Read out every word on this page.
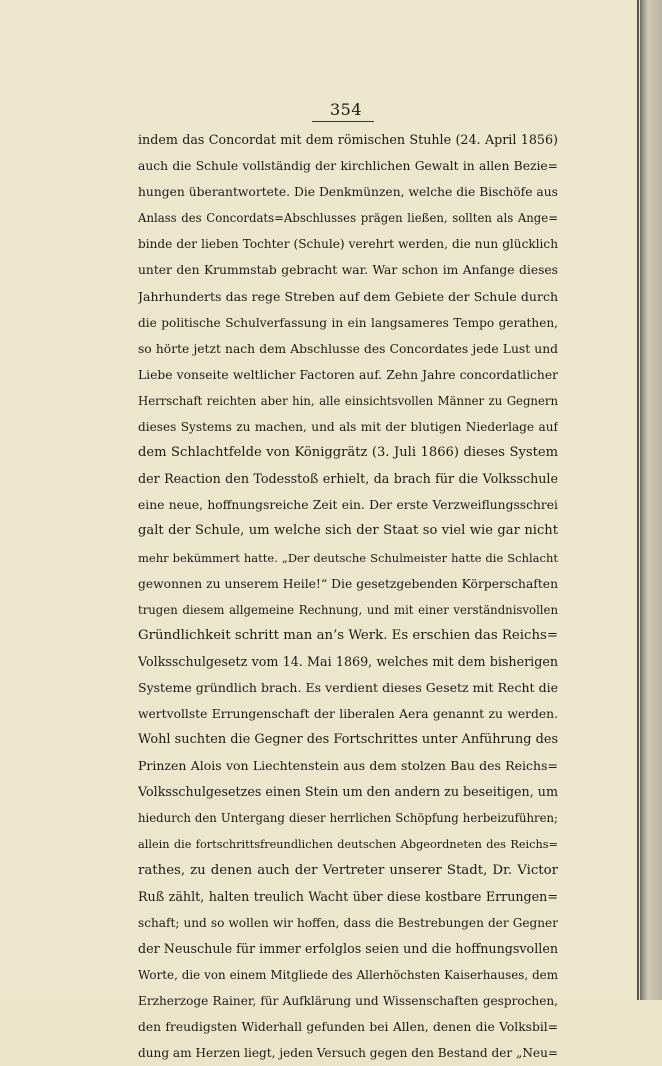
354
indem das Concordat mit dem römischen Stuhle (24. April 1856)
auch die Schule vollständig der kirchlichen Gewalt in allen Bezie=
hungen überantwortete. Die Denkmünzen, welche die Bischöfe aus
Anlass des Concordats=Abschlusses prägen ließen, sollten als Ange=
binde der lieben Tochter (Schule) verehrt werden, die nun glücklich
unter den Krummstab gebracht war. War schon im Anfange dieses
Jahrhunderts das rege Streben auf dem Gebiete der Schule durch
die politische Schulverfassung in ein langsameres Tempo gerathen,
so hörte jetzt nach dem Abschlusse des Concordates jede Lust und
Liebe vonseite weltlicher Factoren auf. Zehn Jahre concordatlicher
Herrschaft reichten aber hin, alle einsichtsvollen Männer zu Gegnern
dieses Systems zu machen, und als mit der blutigen Niederlage auf
dem Schlachtfelde von Königgrätz (3. Juli 1866) dieses System
der Reaction den Todesstoß erhielt, da brach für die Volksschule
eine neue, hoffnungsreiche Zeit ein. Der erste Verzweiflungsschrei
galt der Schule, um welche sich der Staat so viel wie gar nicht
mehr bekümmert hatte. „Der deutsche Schulmeister hatte die Schlacht
gewonnen zu unserem Heile!“ Die gesetzgebenden Körperschaften
trugen diesem allgemeine Rechnung, und mit einer verständnisvollen
Gründlichkeit schritt man an’s Werk. Es erschien das Reichs=
Volksschulgesetz vom 14. Mai 1869, welches mit dem bisherigen
Systeme gründlich brach. Es verdient dieses Gesetz mit Recht die
wertvollste Errungenschaft der liberalen Aera genannt zu werden.
Wohl suchten die Gegner des Fortschrittes unter Anführung des
Prinzen Alois von Liechtenstein aus dem stolzen Bau des Reichs=
Volksschulgesetzes einen Stein um den andern zu beseitigen, um
hiedurch den Untergang dieser herrlichen Schöpfung herbeizuführen;
allein die fortschrittsfreundlichen deutschen Abgeordneten des Reichs=
rathes, zu denen auch der Vertreter unserer Stadt, Dr. Victor
Ruß zählt, halten treulich Wacht über diese kostbare Errungen=
schaft; und so wollen wir hoffen, dass die Bestrebungen der Gegner
der Neuschule für immer erfolglos seien und die hoffnungsvollen
Worte, die von einem Mitgliede des Allerhöchsten Kaiserhauses, dem
Erzherzoge Rainer, für Aufklärung und Wissenschaften gesprochen,
den freudigsten Widerhall gefunden bei Allen, denen die Volksbil=
dung am Herzen liegt, jeden Versuch gegen den Bestand der „Neu=
